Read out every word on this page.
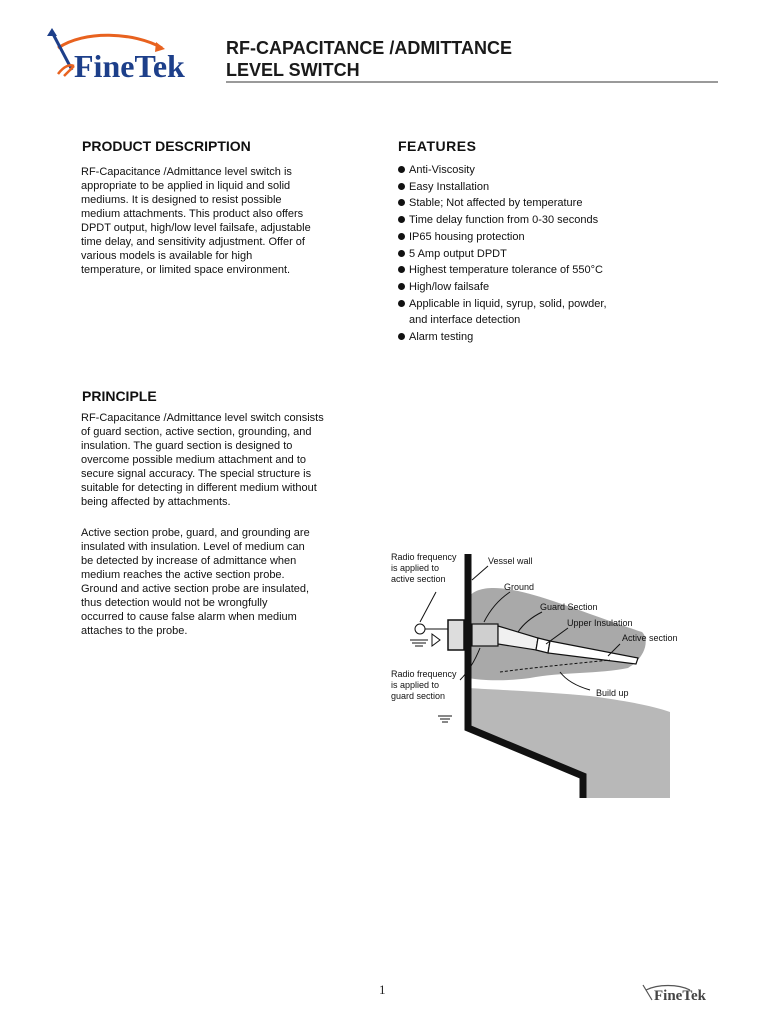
FineTek RF-CAPACITANCE /ADMITTANCE
LEVEL SWITCH
PRODUCT DESCRIPTION
RF-Capacitance /Admittance level switch is
appropriate to be applied in liquid and solid
mediums. It is designed to resist possible
medium attachments. This product also offers
DPDT output, high/low level failsafe, adjustable
time delay, and sensitivity adjustment. Offer of
various models is available for high
temperature, or limited space environment.
FEATURES
Anti-Viscosity
Easy Installation
Stable; Not affected by temperature
Time delay function from 0-30 seconds
IP65 housing protection
5 Amp output DPDT
Highest temperature tolerance of 550°C
High/low failsafe
Applicable in liquid, syrup, solid, powder,
and interface detection
Alarm testing
PRINCIPLE
RF-Capacitance /Admittance level switch consists
of guard section, active section, grounding, and
insulation. The guard section is designed to
overcome possible medium attachment and to
secure signal accuracy. The special structure is
suitable for detecting in different medium without
being affected by attachments.
Active section probe, guard, and grounding are
insulated with insulation. Level of medium can
be detected by increase of admittance when
medium reaches the active section probe.
Ground and active section probe are insulated,
thus detection would not be wrongfully
occurred to cause false alarm when medium
attaches to the probe.
Radio frequency
is applied to
active section
Vessel wall
Ground
Guard Section
Upper Insulation
Active section
Radio frequency
is applied to
guard section	Build up
1	FineTek
